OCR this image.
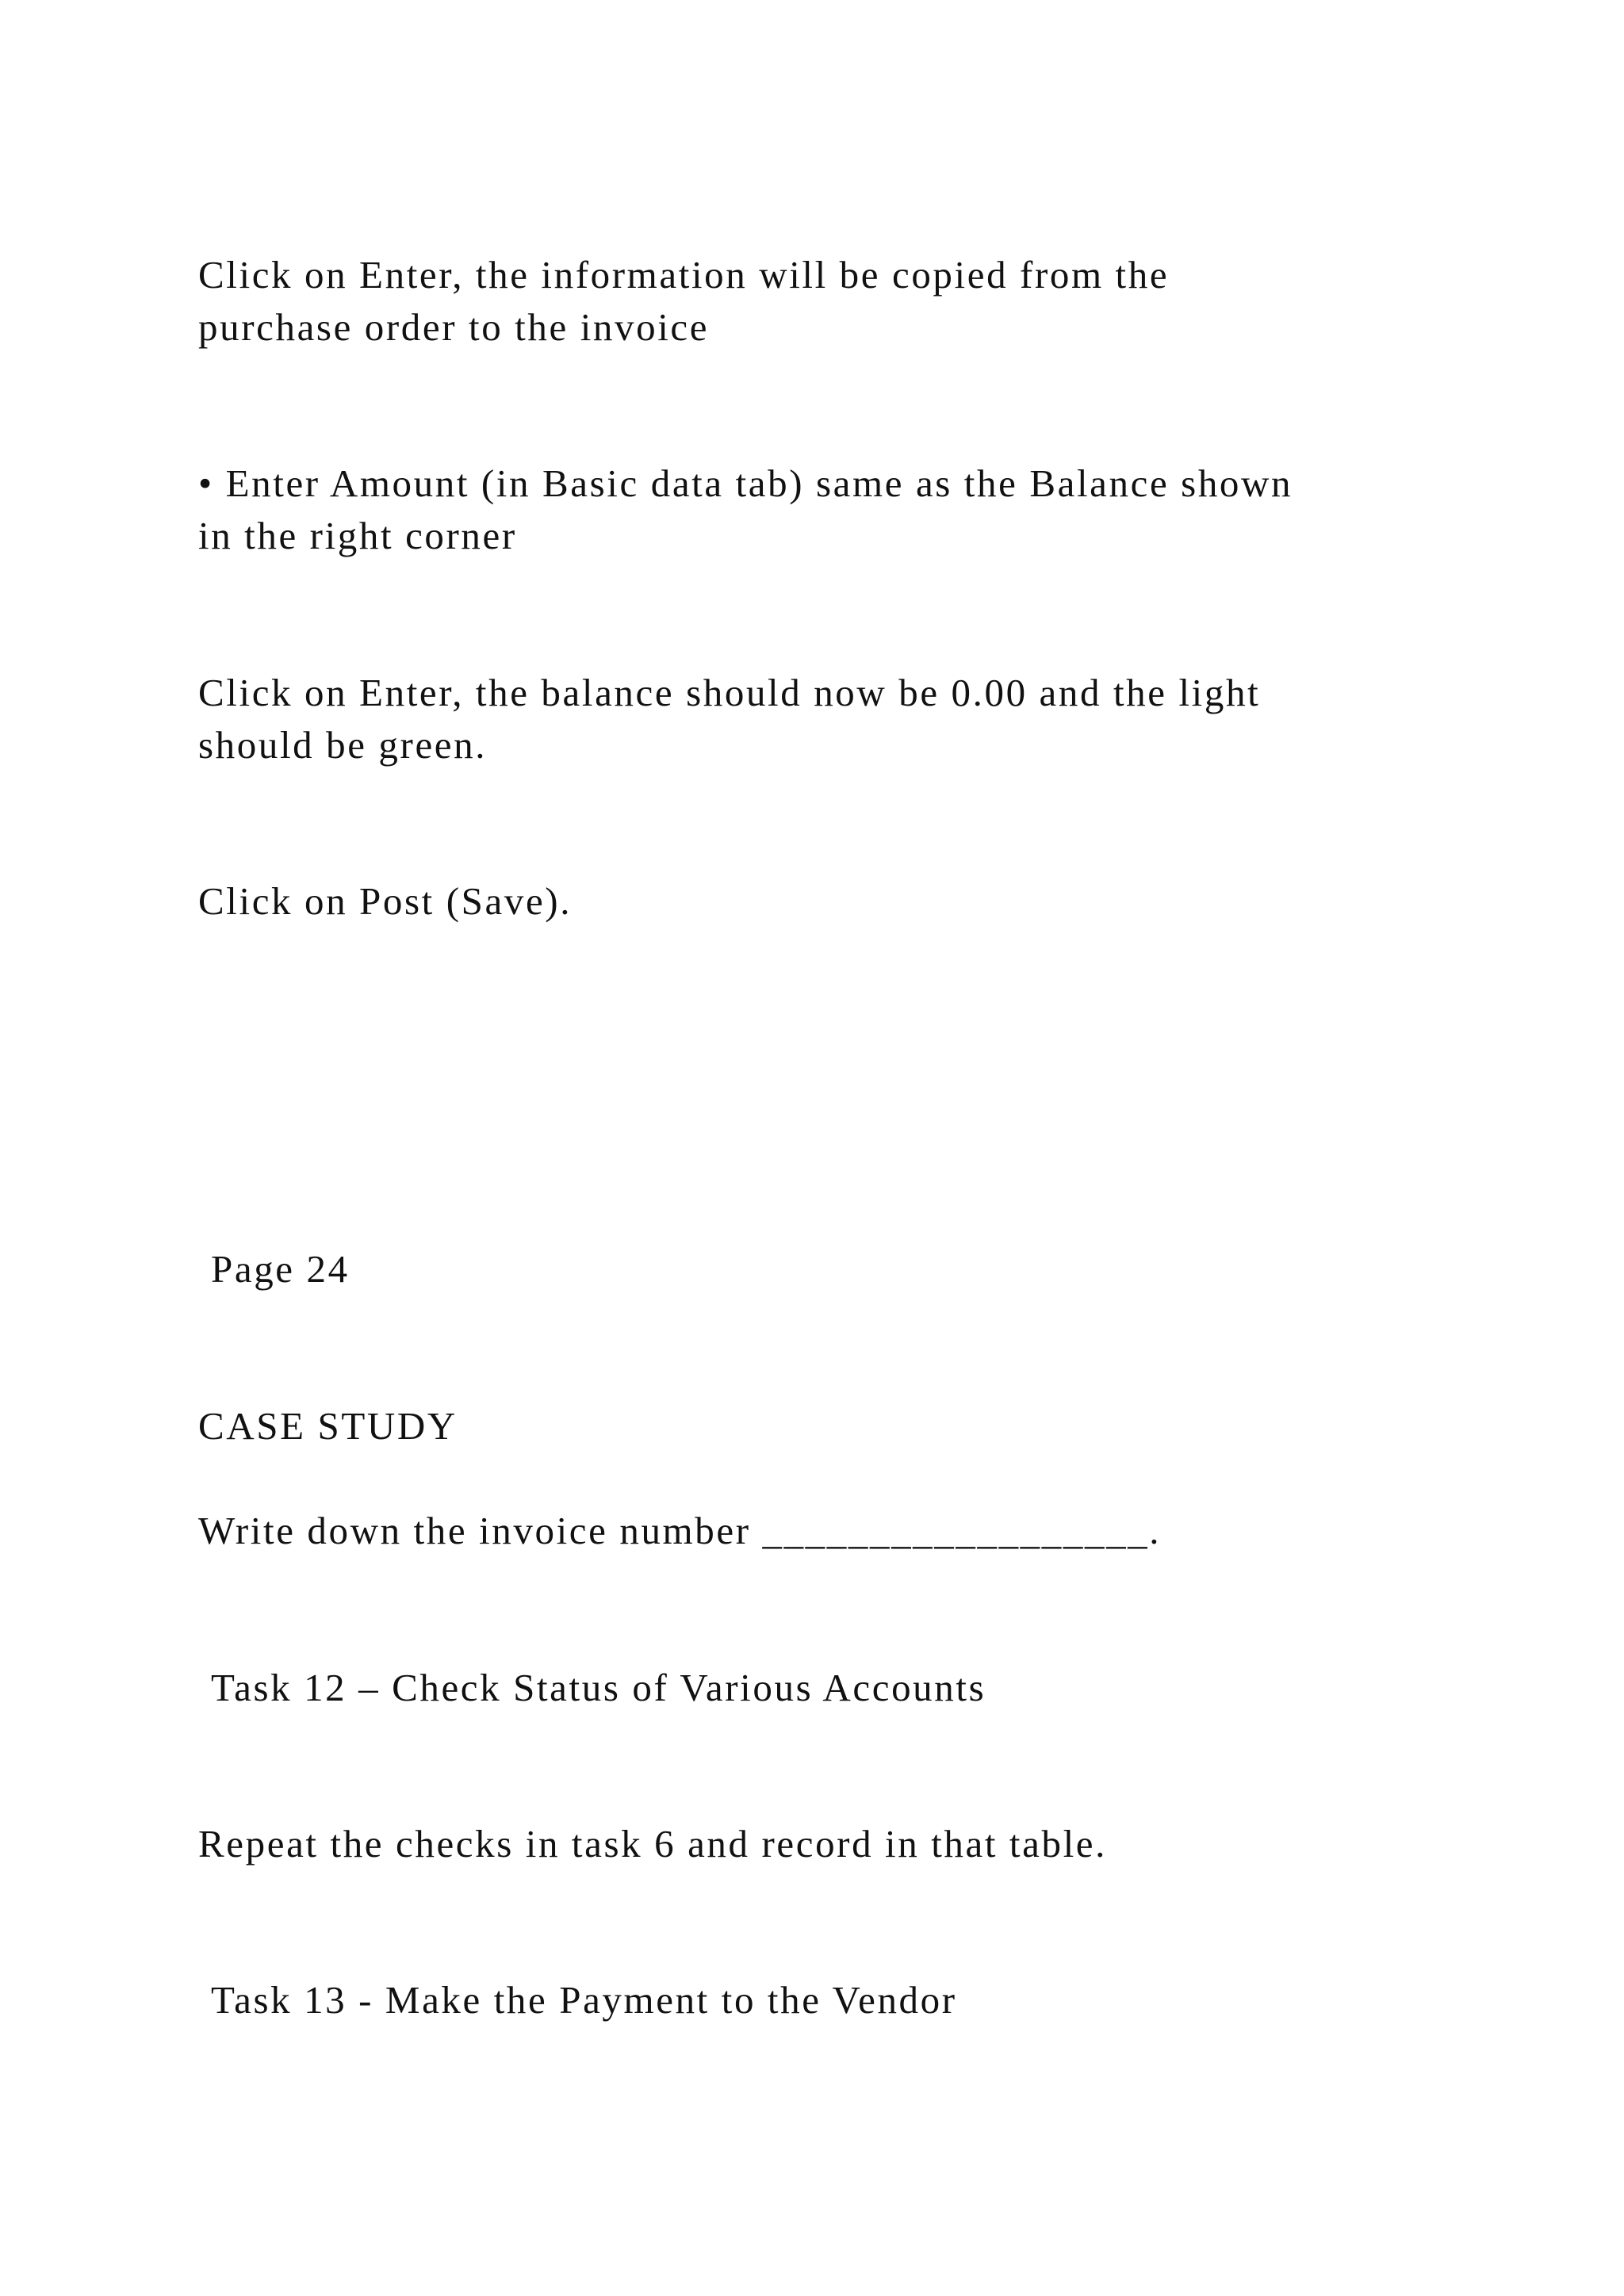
Click on Enter, the information will be copied from the

purchase order to the invoice

• Enter Amount (in Basic data tab) same as the Balance shown

in the right corner

Click on Enter, the balance should now be 0.00 and the light

should be green.

Click on Post (Save).

Page 24

CASE STUDY

Write down the invoice number __________________.

Task 12 – Check Status of Various Accounts

Repeat the checks in task 6 and record in that table.

Task 13 - Make the Payment to the Vendor
